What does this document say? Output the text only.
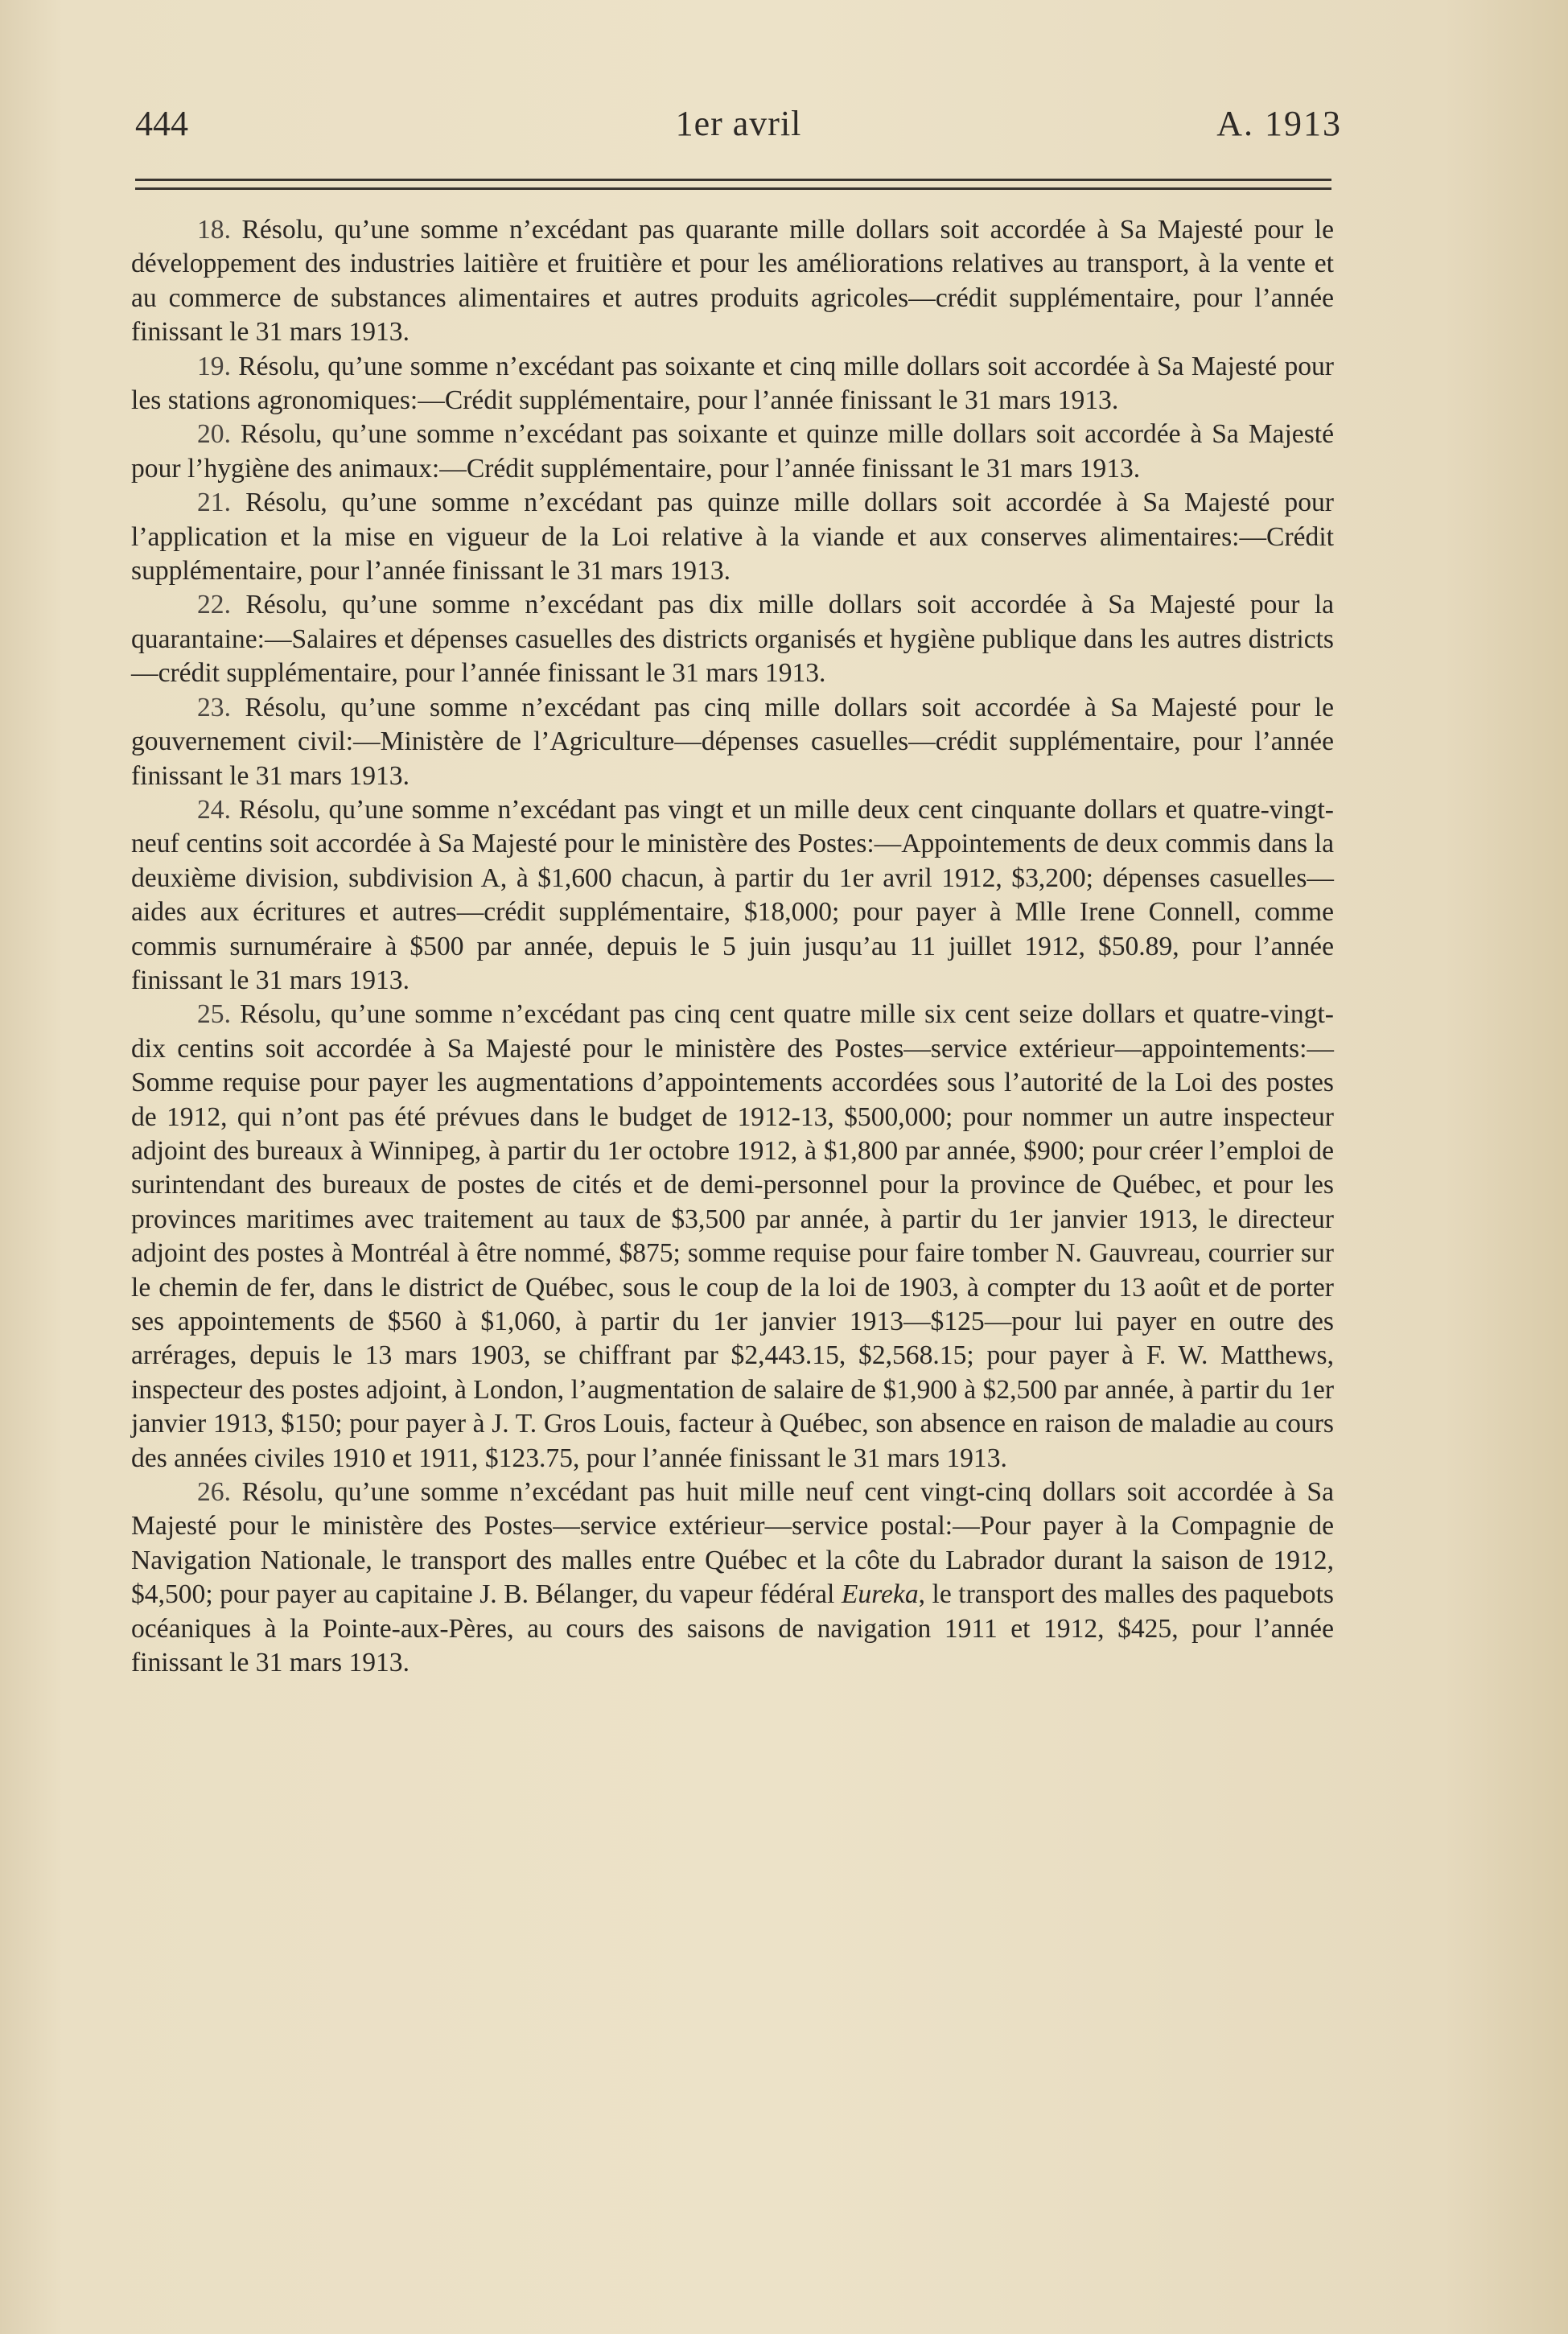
444	1er avril	A. 1913

18. Résolu, qu’une somme n’excédant pas quarante mille dollars soit accordée à Sa Majesté pour le développement des industries laitière et fruitière et pour les améliorations relatives au transport, à la vente et au commerce de substances alimentaires et autres produits agricoles—crédit supplémentaire, pour l’année finissant le 31 mars 1913.

19. Résolu, qu’une somme n’excédant pas soixante et cinq mille dollars soit accordée à Sa Majesté pour les stations agronomiques:—Crédit supplémentaire, pour l’année finissant le 31 mars 1913.

20. Résolu, qu’une somme n’excédant pas soixante et quinze mille dollars soit accordée à Sa Majesté pour l’hygiène des animaux:—Crédit supplémentaire, pour l’année finissant le 31 mars 1913.

21. Résolu, qu’une somme n’excédant pas quinze mille dollars soit accordée à Sa Majesté pour l’application et la mise en vigueur de la Loi relative à la viande et aux conserves alimentaires:—Crédit supplémentaire, pour l’année finissant le 31 mars 1913.

22. Résolu, qu’une somme n’excédant pas dix mille dollars soit accordée à Sa Majesté pour la quarantaine:—Salaires et dépenses casuelles des districts organisés et hygiène publique dans les autres districts—crédit supplémentaire, pour l’année finissant le 31 mars 1913.

23. Résolu, qu’une somme n’excédant pas cinq mille dollars soit accordée à Sa Majesté pour le gouvernement civil:—Ministère de l’Agriculture—dépenses casuelles—crédit supplémentaire, pour l’année finissant le 31 mars 1913.

24. Résolu, qu’une somme n’excédant pas vingt et un mille deux cent cinquante dollars et quatre-vingt-neuf centins soit accordée à Sa Majesté pour le ministère des Postes:—Appointements de deux commis dans la deuxième division, subdivision A, à $1,600 chacun, à partir du 1er avril 1912, $3,200; dépenses casuelles—aides aux écritures et autres—crédit supplémentaire, $18,000; pour payer à Mlle Irene Connell, comme commis surnuméraire à $500 par année, depuis le 5 juin jusqu’au 11 juillet 1912, $50.89, pour l’année finissant le 31 mars 1913.

25. Résolu, qu’une somme n’excédant pas cinq cent quatre mille six cent seize dollars et quatre-vingt-dix centins soit accordée à Sa Majesté pour le ministère des Postes—service extérieur—appointements:—Somme requise pour payer les augmentations d’appointements accordées sous l’autorité de la Loi des postes de 1912, qui n’ont pas été prévues dans le budget de 1912-13, $500,000; pour nommer un autre inspecteur adjoint des bureaux à Winnipeg, à partir du 1er octobre 1912, à $1,800 par année, $900; pour créer l’emploi de surintendant des bureaux de postes de cités et de demi-personnel pour la province de Québec, et pour les provinces maritimes avec traitement au taux de $3,500 par année, à partir du 1er janvier 1913, le directeur adjoint des postes à Montréal à être nommé, $875; somme requise pour faire tomber N. Gauvreau, courrier sur le chemin de fer, dans le district de Québec, sous le coup de la loi de 1903, à compter du 13 août et de porter ses appointements de $560 à $1,060, à partir du 1er janvier 1913—$125—pour lui payer en outre des arrérages, depuis le 13 mars 1903, se chiffrant par $2,443.15, $2,568.15; pour payer à F. W. Matthews, inspecteur des postes adjoint, à London, l’augmentation de salaire de $1,900 à $2,500 par année, à partir du 1er janvier 1913, $150; pour payer à J. T. Gros Louis, facteur à Québec, son absence en raison de maladie au cours des années civiles 1910 et 1911, $123.75, pour l’année finissant le 31 mars 1913.

26. Résolu, qu’une somme n’excédant pas huit mille neuf cent vingt-cinq dollars soit accordée à Sa Majesté pour le ministère des Postes—service extérieur—service postal:—Pour payer à la Compagnie de Navigation Nationale, le transport des malles entre Québec et la côte du Labrador durant la saison de 1912, $4,500; pour payer au capitaine J. B. Bélanger, du vapeur fédéral Eureka, le transport des malles des paquebots océaniques à la Pointe-aux-Pères, au cours des saisons de navigation 1911 et 1912, $425, pour l’année finissant le 31 mars 1913.
